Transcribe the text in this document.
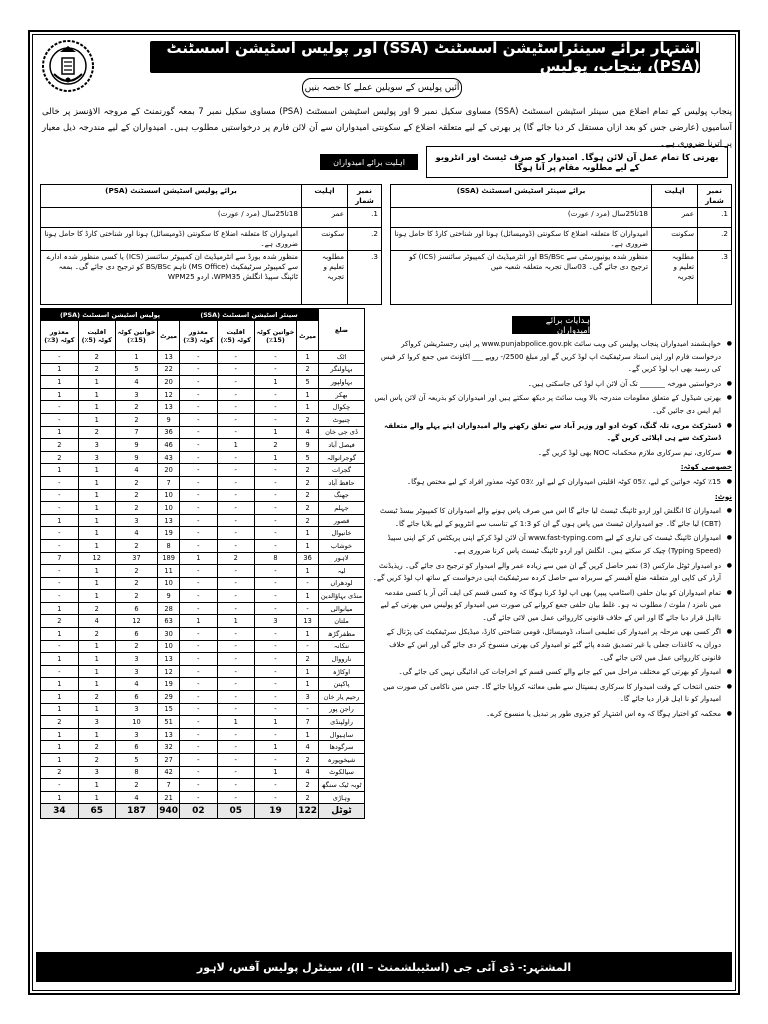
اشتہار برائے سینئراسٹیشن اسسٹنٹ (SSA) اور پولیس اسٹیشن اسسٹنٹ (PSA)، پنجاب، پولیس
آئیں پولیس کے سویلین عملے کا حصہ بنیں

پنجاب پولیس کے تمام اضلاع میں سینئر اسٹیشن اسسٹنٹ (SSA) مساوی سکیل نمبر 9 اور پولیس اسٹیشن اسسٹنٹ (PSA) مساوی سکیل نمبر 7 بمعہ گورنمنٹ کے مروجہ الاؤنسز پر خالی آسامیوں (عارضی جس کو بعد ازاں مستقل کر دیا جائے گا) پر بھرتی کے لیے متعلقہ اضلاع کے سکونتی امیدواران سے آن لائن فارم پر درخواستیں مطلوب ہیں۔ امیدواران کے لیے مندرجہ ذیل معیار پر اترنا ضروری ہے۔

بھرتی کا تمام عمل آن لائن ہوگا۔ امیدوار کو صرف ٹیسٹ اور انٹرویو کے لیے مطلوبہ مقام پر آنا ہوگا
اہلیت برائے امیدواران
نمبر شمار	اہلیت	برائے سینئر اسٹیشن اسسٹنٹ (SSA)
1.	عمر	18تا25سال (مرد / عورت)
2.	سکونت	امیدواران کا متعلقہ اضلاع کا سکونتی (ڈومیسائل) ہونا اور شناختی کارڈ کا حامل ہونا ضروری ہے۔
3.	مطلوبہ تعلیم و تجربہ	منظور شدہ یونیورسٹی سے BS/BSc اور انٹرمیڈیٹ ان کمپیوٹر سائنسز (ICS) کو ترجیح دی جائے گی۔ 03سال تجربہ متعلقہ شعبہ میں
نمبر شمار	اہلیت	برائے پولیس اسٹیشن اسسٹنٹ (PSA)
1.	عمر	18تا25سال (مرد / عورت)
2.	سکونت	امیدواران کا متعلقہ اضلاع کا سکونتی (ڈومیسائل) ہونا اور شناختی کارڈ کا حامل ہونا ضروری ہے۔
3.	مطلوبہ تعلیم و تجربہ	منظور شدہ بورڈ سے انٹرمیڈیٹ ان کمپیوٹر سائنسز (ICS) یا کسی منظور شدہ ادارے سے کمپیوٹر سرٹیفکیٹ (MS Office) تاہم BS/BSc کو ترجیح دی جائے گی۔ بمعہ ٹائپنگ سپیڈ انگلش WPM35، اردو WPM25
ضلع	سینئر اسٹیشن اسسٹنٹ (SSA)				پولیس اسٹیشن اسسٹنٹ (PSA)			
	میرٹ	خواتین کوٹہ (15٪)	اقلیت کوٹہ (5٪)	معذور کوٹہ (3٪)	میرٹ	خواتین کوٹہ (15٪)	اقلیت کوٹہ (5٪)	معذور کوٹہ (3٪)
اٹک	1	-	-	-	13	1	2	-
بہاولنگر	2	-	-	-	22	5	2	1
بہاولپور	5	1	-	-	20	4	1	1
بھکر	1	-	-	-	12	3	1	1
چکوال	1	-	-	-	13	2	1	-
چنیوٹ	2	-	-	-	9	2	1	-
ڈی جی خان	4	1	-	-	36	7	2	1
فیصل آباد	9	2	1	-	46	9	3	2
گوجرانوالہ	5	1	-	-	43	9	3	2
گجرات	2	-	-	-	20	4	1	1
حافظ آباد	2	-	-	-	7	2	1	-
جھنگ	2	-	-	-	10	2	1	-
جہلم	2	-	-	-	10	2	1	-
قصور	2	-	-	-	13	3	1	1
خانیوال	1	-	-	-	19	4	1	-
خوشاب	1	-	-	-	8	2	1	-
لاہور	36	8	2	1	189	37	12	7
لیہ	1	-	-	-	11	2	1	-
لودھراں	-	-	-	-	10	2	1	-
منڈی بہاؤالدین	1	-	-	-	9	2	1	-
میانوالی	-	-	-	-	28	6	2	1
ملتان	13	3	1	1	63	12	4	2
مظفرگڑھ	1	-	-	-	30	6	2	1
ننکانہ	-	-	-	-	10	2	1	-
نارووال	2	-	-	-	13	3	1	1
اوکاڑہ	1	-	-	-	12	3	1	-
پاکپتن	1	-	-	-	19	4	1	1
رحیم یار خان	3	-	-	-	29	6	2	1
راجن پور	-	-	-	-	15	3	1	1
راولپنڈی	7	1	1	-	51	10	3	2
ساہیوال	1	-	-	-	13	3	1	1
سرگودھا	4	1	-	-	32	6	2	1
شیخوپورہ	2	-	-	-	27	5	2	1
سیالکوٹ	4	1	-	-	42	8	3	2
ٹوبہ ٹیک سنگھ	2	-	-	-	7	2	1	-
وہاڑی	2	-	-	-	21	4	1	1
ٹوٹل	122	19	05	02	940	187	65	34
ہدایات برائے امیدواران
● خواہشمند امیدواران پنجاب پولیس کی ویب سائٹ www.punjabpolice.gov.pk پر اپنی رجسٹریشن کرواکر درخواست فارم اور اپنی اسناد سرٹیفکیٹ اپ لوڈ کریں گے اور مبلغ 2500/- روپے ___ اکاؤنٹ میں جمع کروا کر فیس کی رسید بھی اپ لوڈ کریں گے۔
● درخواستیں مورخہ _______ تک آن لائن اپ لوڈ کی جاسکتی ہیں۔
● بھرتی شیڈول کے متعلق معلومات مندرجہ بالا ویب سائٹ پر دیکھ سکتے ہیں اور امیدواران کو بذریعہ آن لائن پاس ایس ایم ایس دی جائیں گی۔
● ڈسٹرکٹ مری، تلہ گنگ، کوٹ ادو اور وزیر آباد سے تعلق رکھنے والے امیدواران اپنے پہلے والے متعلقہ ڈسٹرکٹ سے ہی اپلائی کریں گے۔
● سرکاری، نیم سرکاری ملازم محکمانہ NOC بھی لوڈ کریں گے۔
خصوصی کوٹہ:
● ٪15 کوٹہ خواتین کے لیے، ٪05 کوٹہ اقلیتی امیدواران کے لیے اور ٪03 کوٹہ معذور افراد کے لیے مختص ہوگا۔
نوٹ:
● امیدواران کا انگلش اور اردو ٹائپنگ ٹیسٹ لیا جائے گا اس میں صرف پاس ہونے والے امیدواران کا کمپیوٹر بیسڈ ٹیسٹ (CBT) لیا جائے گا۔ جو امیدواران ٹیسٹ میں پاس ہوں گے ان کو 1:3 کے تناسب سے انٹرویو کے لیے بلایا جائے گا۔
● امیدواران ٹائپنگ ٹیسٹ کی تیاری کے لیے www.fast-typing.com آن لائن لوڈ کرکے اپنی پریکٹس کر کے اپنی سپیڈ (Typing Speed) چیک کر سکتے ہیں۔ انگلش اور اردو ٹائپنگ ٹیسٹ پاس کرنا ضروری ہے۔
● دو امیدوار ٹوٹل مارکس (3) نمبر حاصل کریں گے ان میں سے زیادہ عمر والے امیدوار کو ترجیح دی جائے گی۔ ریذیڈنٹ آرڈر کی کاپی اور متعلقہ ضلع آفیسر کے سربراہ سے حاصل کردہ سرٹیفکیٹ اپنی درخواست کے ساتھ اپ لوڈ کریں گے۔
● تمام امیدواران کو بیان حلفی (اسٹامپ پیپر) بھی اپ لوڈ کرنا ہوگا کہ وہ کسی قسم کی ایف آئی آر یا کسی مقدمہ میں نامزد / ملوث / مطلوب نہ ہو۔ غلط بیان حلفی جمع کروانے کی صورت میں امیدوار کو پولیس میں بھرتی کے لیے نااہل قرار دیا جائے گا اور اس کے خلاف قانونی کارروائی عمل میں لائی جائے گی۔
● اگر کسی بھی مرحلہ پر امیدوار کی تعلیمی اسناد، ڈومیسائل، قومی شناختی کارڈ، میڈیکل سرٹیفکیٹ کی پڑتال کے دوران یہ کاغذات جعلی یا غیر تصدیق شدہ پائے گئے تو امیدوار کی بھرتی منسوخ کر دی جائے گی اور اس کے خلاف قانونی کارروائی عمل میں لائی جائے گی۔
● امیدوار کو بھرتی کے مختلف مراحل میں کیے جانے والے کسی قسم کے اخراجات کی ادائیگی نہیں کی جائے گی۔
● حتمی انتخاب کے وقت امیدوار کا سرکاری ہسپتال سے طبی معائنہ کروایا جائے گا۔ جس میں ناکامی کی صورت میں امیدوار کو نا اہل قرار دیا جائے گا۔
● محکمہ کو اختیار ہوگا کہ وہ اس اشتہار کو جزوی طور پر تبدیل یا منسوخ کرے۔
المشتہر:- ڈی آئی جی (اسٹیبلشمنٹ – II)، سینٹرل پولیس آفس، لاہور
